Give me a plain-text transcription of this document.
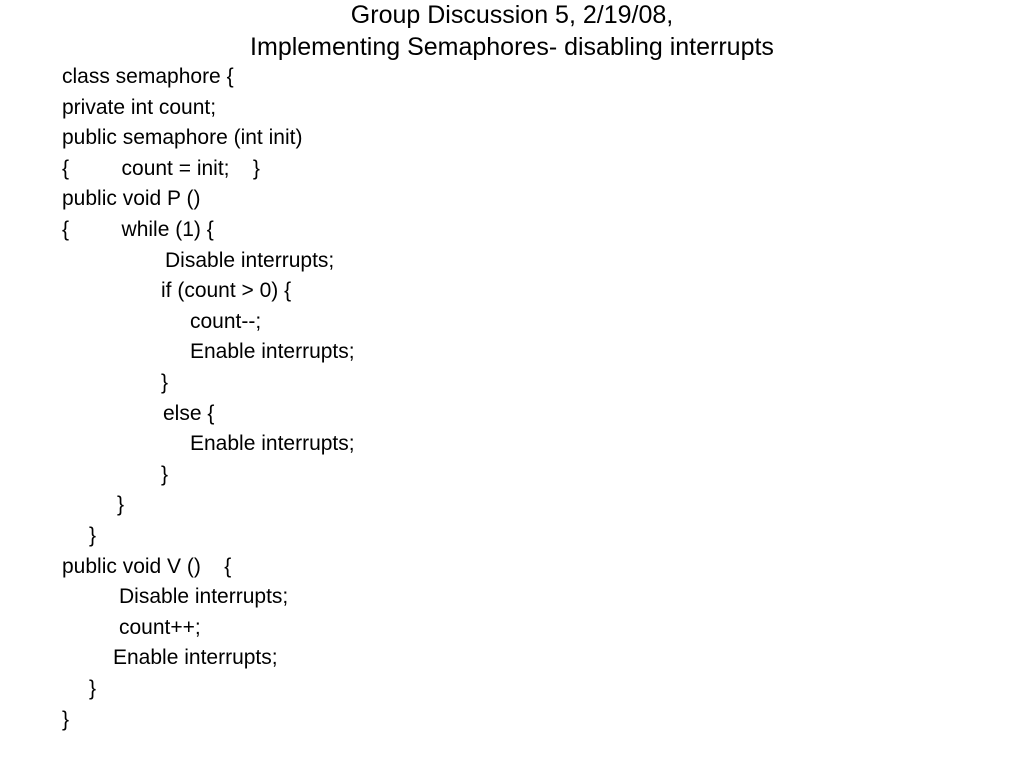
Group Discussion 5, 2/19/08,
Implementing Semaphores- disabling interrupts
class semaphore {
private int count;
public semaphore (int init)
{         count = init;    }
public void P ()
{         while (1) {
Disable interrupts;
if (count > 0) {
count--;
Enable interrupts;
}
else {
Enable interrupts;
}
}
}
public void V ()    {
Disable interrupts;
count++;
Enable interrupts;
}
}
